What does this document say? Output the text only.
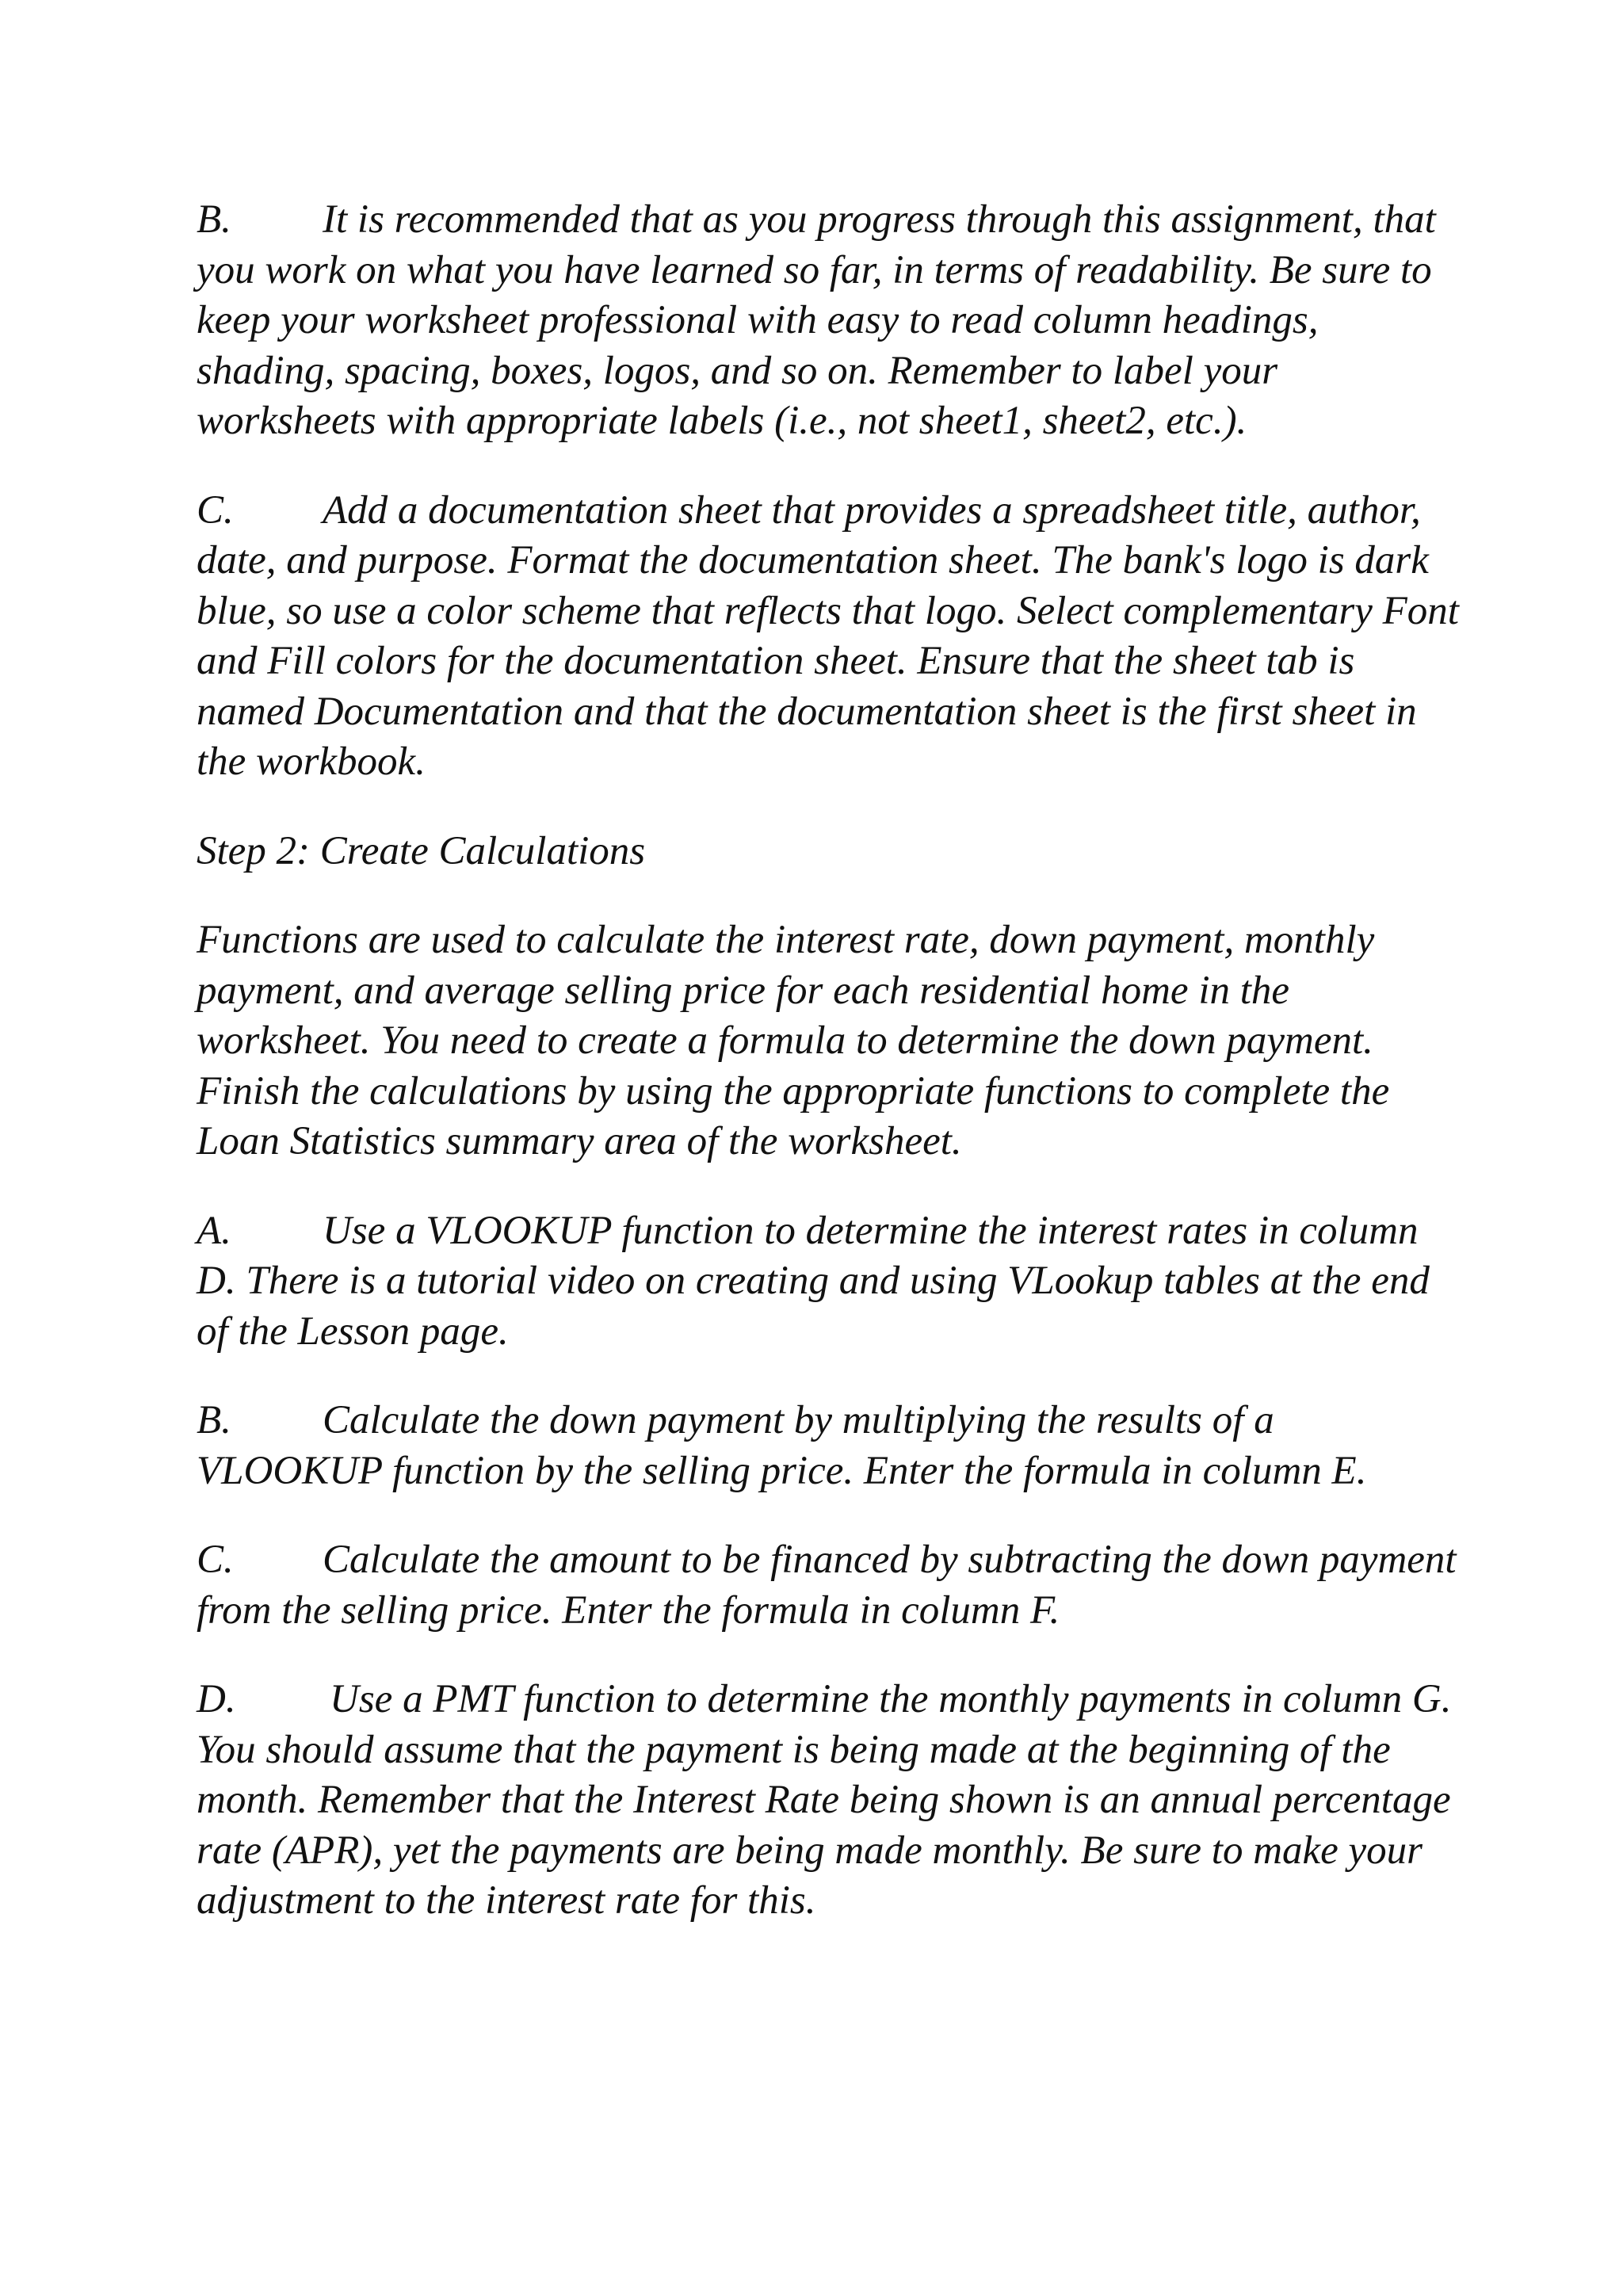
B. It is recommended that as you progress through this assignment, that you work on what you have learned so far, in terms of readability. Be sure to keep your worksheet professional with easy to read column headings, shading, spacing, boxes, logos, and so on. Remember to label your worksheets with appropriate labels (i.e., not sheet1, sheet2, etc.).

C. Add a documentation sheet that provides a spreadsheet title, author, date, and purpose. Format the documentation sheet. The bank's logo is dark blue, so use a color scheme that reflects that logo. Select complementary Font and Fill colors for the documentation sheet. Ensure that the sheet tab is named Documentation and that the documentation sheet is the first sheet in the workbook.

Step 2: Create Calculations

Functions are used to calculate the interest rate, down payment, monthly payment, and average selling price for each residential home in the worksheet. You need to create a formula to determine the down payment. Finish the calculations by using the appropriate functions to complete the Loan Statistics summary area of the worksheet.

A. Use a VLOOKUP function to determine the interest rates in column D. There is a tutorial video on creating and using VLookup tables at the end of the Lesson page.

B. Calculate the down payment by multiplying the results of a VLOOKUP function by the selling price. Enter the formula in column E.

C. Calculate the amount to be financed by subtracting the down payment from the selling price. Enter the formula in column F.

D. Use a PMT function to determine the monthly payments in column G. You should assume that the payment is being made at the beginning of the month. Remember that the Interest Rate being shown is an annual percentage rate (APR), yet the payments are being made monthly. Be sure to make your adjustment to the interest rate for this.
